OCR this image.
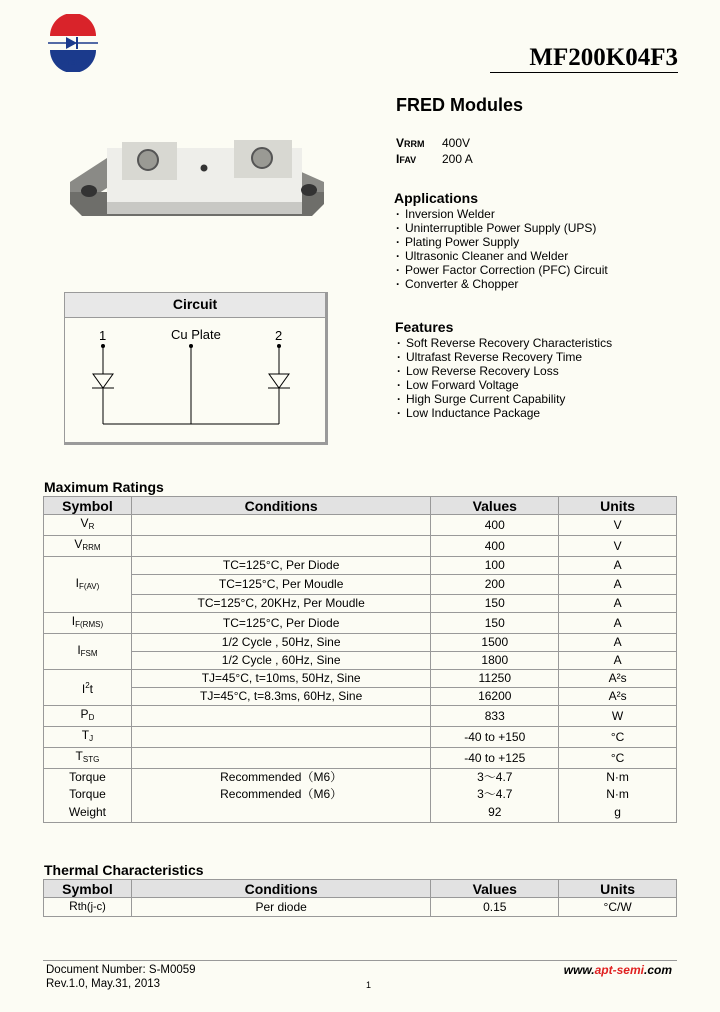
APTSEMI	MF200K04F3
FRED Modules
VRRM 400V
IFAV 200 A
Applications
· Inversion Welder
· Uninterruptible Power Supply (UPS)
· Plating Power Supply
· Ultrasonic Cleaner and Welder
· Power Factor Correction (PFC) Circuit
· Converter & Chopper
Features
· Soft Reverse Recovery Characteristics
· Ultrafast Reverse Recovery Time
· Low Reverse Recovery Loss
· Low Forward Voltage
· High Surge Current Capability
· Low Inductance Package
Circuit
1	Cu Plate	2
Maximum Ratings
Symbol	Conditions	Values	Units
VR		400	V
VRRM		400	V
	TC=125°C, Per Diode	100	A
IF(AV)	TC=125°C, Per Moudle	200	A
	TC=125°C, 20KHz, Per Moudle	150	A
IF(RMS)	TC=125°C, Per Diode	150	A
IFSM	1/2 Cycle , 50Hz, Sine	1500	A
	1/2 Cycle , 60Hz, Sine	1800	A
$I^2t$	TJ=45°C, t=10ms, 50Hz, Sine	11250	A²s
	TJ=45°C, t=8.3ms, 60Hz, Sine	16200	A²s
PD		833	W
TJ		-40 to +150	°C
TSTG		-40 to +125	°C
Torque	Recommended（M6）	3～4.7	N·m
Torque	Recommended（M6）	3～4.7	N·m
Weight		92	g
Thermal Characteristics
Symbol	Conditions	Values	Units
Rth(j-c)	Per diode	0.15	°C/W
Document Number: S-M0059
Rev.1.0, May.31, 2013	1
www.apt-semi.com
